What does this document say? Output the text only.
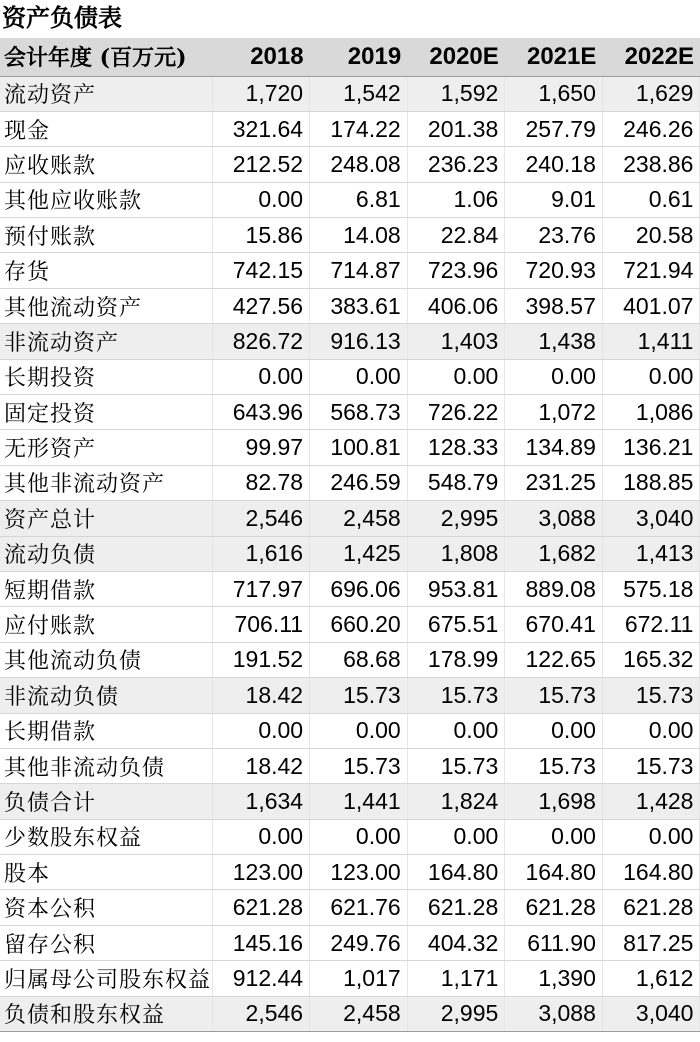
资产负债表
会计年度 (百万元)	2018	2019	2020E	2021E	2022E
流动资产	1,720	1,542	1,592	1,650	1,629
现金	321.64	174.22	201.38	257.79	246.26
应收账款	212.52	248.08	236.23	240.18	238.86
其他应收账款	0.00	6.81	1.06	9.01	0.61
预付账款	15.86	14.08	22.84	23.76	20.58
存货	742.15	714.87	723.96	720.93	721.94
其他流动资产	427.56	383.61	406.06	398.57	401.07
非流动资产	826.72	916.13	1,403	1,438	1,411
长期投资	0.00	0.00	0.00	0.00	0.00
固定投资	643.96	568.73	726.22	1,072	1,086
无形资产	99.97	100.81	128.33	134.89	136.21
其他非流动资产	82.78	246.59	548.79	231.25	188.85
资产总计	2,546	2,458	2,995	3,088	3,040
流动负债	1,616	1,425	1,808	1,682	1,413
短期借款	717.97	696.06	953.81	889.08	575.18
应付账款	706.11	660.20	675.51	670.41	672.11
其他流动负债	191.52	68.68	178.99	122.65	165.32
非流动负债	18.42	15.73	15.73	15.73	15.73
长期借款	0.00	0.00	0.00	0.00	0.00
其他非流动负债	18.42	15.73	15.73	15.73	15.73
负债合计	1,634	1,441	1,824	1,698	1,428
少数股东权益	0.00	0.00	0.00	0.00	0.00
股本	123.00	123.00	164.80	164.80	164.80
资本公积	621.28	621.76	621.28	621.28	621.28
留存公积	145.16	249.76	404.32	611.90	817.25
归属母公司股东权益	912.44	1,017	1,171	1,390	1,612
负债和股东权益	2,546	2,458	2,995	3,088	3,040
